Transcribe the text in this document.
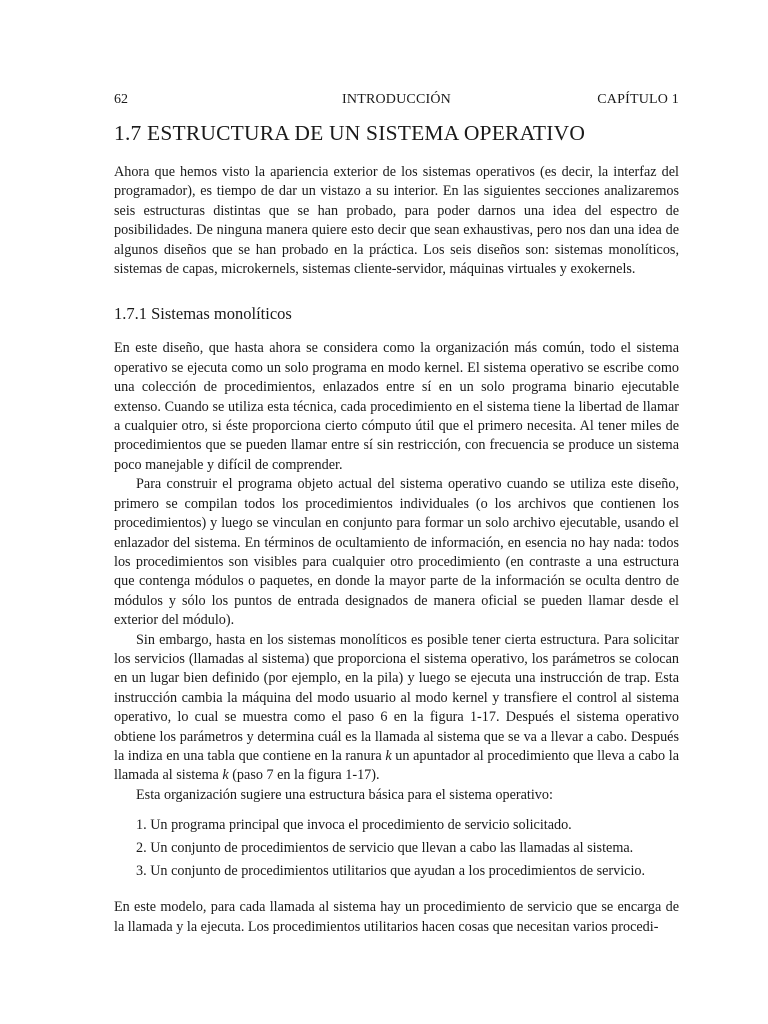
62	INTRODUCCIÓN	CAPÍTULO 1
1.7 ESTRUCTURA DE UN SISTEMA OPERATIVO

Ahora que hemos visto la apariencia exterior de los sistemas operativos (es decir, la interfaz del programador), es tiempo de dar un vistazo a su interior. En las siguientes secciones analizaremos seis estructuras distintas que se han probado, para poder darnos una idea del espectro de posibilidades. De ninguna manera quiere esto decir que sean exhaustivas, pero nos dan una idea de algunos diseños que se han probado en la práctica. Los seis diseños son: sistemas monolíticos, sistemas de capas, microkernels, sistemas cliente-servidor, máquinas virtuales y exokernels.

1.7.1 Sistemas monolíticos

En este diseño, que hasta ahora se considera como la organización más común, todo el sistema operativo se ejecuta como un solo programa en modo kernel. El sistema operativo se escribe como una colección de procedimientos, enlazados entre sí en un solo programa binario ejecutable extenso. Cuando se utiliza esta técnica, cada procedimiento en el sistema tiene la libertad de llamar a cualquier otro, si éste proporciona cierto cómputo útil que el primero necesita. Al tener miles de procedimientos que se pueden llamar entre sí sin restricción, con frecuencia se produce un sistema poco manejable y difícil de comprender.

Para construir el programa objeto actual del sistema operativo cuando se utiliza este diseño, primero se compilan todos los procedimientos individuales (o los archivos que contienen los procedimientos) y luego se vinculan en conjunto para formar un solo archivo ejecutable, usando el enlazador del sistema. En términos de ocultamiento de información, en esencia no hay nada: todos los procedimientos son visibles para cualquier otro procedimiento (en contraste a una estructura que contenga módulos o paquetes, en donde la mayor parte de la información se oculta dentro de módulos y sólo los puntos de entrada designados de manera oficial se pueden llamar desde el exterior del módulo).

Sin embargo, hasta en los sistemas monolíticos es posible tener cierta estructura. Para solicitar los servicios (llamadas al sistema) que proporciona el sistema operativo, los parámetros se colocan en un lugar bien definido (por ejemplo, en la pila) y luego se ejecuta una instrucción de trap. Esta instrucción cambia la máquina del modo usuario al modo kernel y transfiere el control al sistema operativo, lo cual se muestra como el paso 6 en la figura 1-17. Después el sistema operativo obtiene los parámetros y determina cuál es la llamada al sistema que se va a llevar a cabo. Después la indiza en una tabla que contiene en la ranura k un apuntador al procedimiento que lleva a cabo la llamada al sistema k (paso 7 en la figura 1-17).

Esta organización sugiere una estructura básica para el sistema operativo:

1. Un programa principal que invoca el procedimiento de servicio solicitado.
2. Un conjunto de procedimientos de servicio que llevan a cabo las llamadas al sistema.
3. Un conjunto de procedimientos utilitarios que ayudan a los procedimientos de servicio.

En este modelo, para cada llamada al sistema hay un procedimiento de servicio que se encarga de la llamada y la ejecuta. Los procedimientos utilitarios hacen cosas que necesitan varios procedi-
